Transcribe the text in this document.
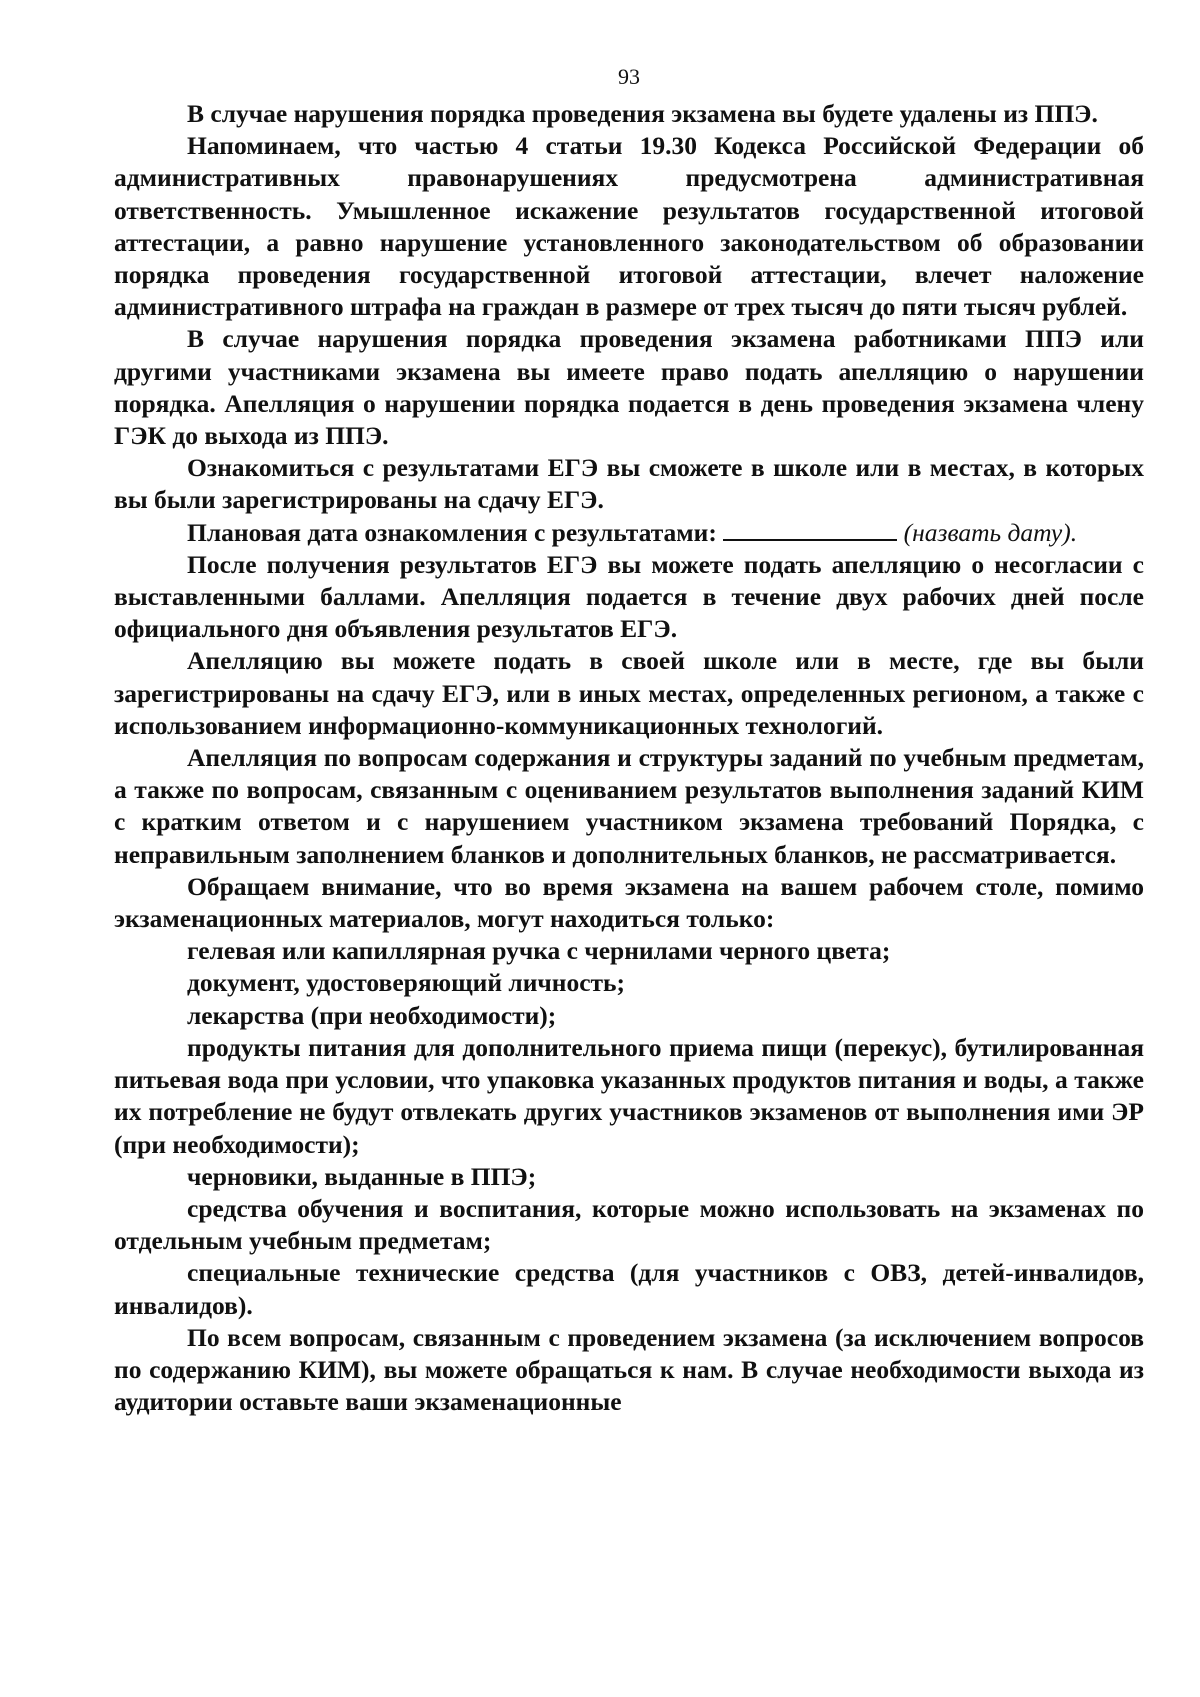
93

В случае нарушения порядка проведения экзамена вы будете удалены из ППЭ.

Напоминаем, что частью 4 статьи 19.30 Кодекса Российской Федерации об административных правонарушениях предусмотрена административная ответственность. Умышленное искажение результатов государственной итоговой аттестации, а равно нарушение установленного законодательством об образовании порядка проведения государственной итоговой аттестации, влечет наложение административного штрафа на граждан в размере от трех тысяч до пяти тысяч рублей.

В случае нарушения порядка проведения экзамена работниками ППЭ или другими участниками экзамена вы имеете право подать апелляцию о нарушении порядка. Апелляция о нарушении порядка подается в день проведения экзамена члену ГЭК до выхода из ППЭ.

Ознакомиться с результатами ЕГЭ вы сможете в школе или в местах, в которых вы были зарегистрированы на сдачу ЕГЭ.

Плановая дата ознакомления с результатами:	(назвать дату).

После получения результатов ЕГЭ вы можете подать апелляцию о несогласии с выставленными баллами. Апелляция подается в течение двух рабочих дней после официального дня объявления результатов ЕГЭ.

Апелляцию вы можете подать в своей школе или в месте, где вы были зарегистрированы на сдачу ЕГЭ, или в иных местах, определенных регионом, а также с использованием информационно-коммуникационных технологий.

Апелляция по вопросам содержания и структуры заданий по учебным предметам, а также по вопросам, связанным с оцениванием результатов выполнения заданий КИМ с кратким ответом и с нарушением участником экзамена требований Порядка, с неправильным заполнением бланков и дополнительных бланков, не рассматривается.

Обращаем внимание, что во время экзамена на вашем рабочем столе, помимо экзаменационных материалов, могут находиться только:

гелевая или капиллярная ручка с чернилами черного цвета;

документ, удостоверяющий личность;

лекарства (при необходимости);

продукты питания для дополнительного приема пищи (перекус), бутилированная питьевая вода при условии, что упаковка указанных продуктов питания и воды, а также их потребление не будут отвлекать других участников экзаменов от выполнения ими ЭР (при необходимости);

черновики, выданные в ППЭ;

средства обучения и воспитания, которые можно использовать на экзаменах по отдельным учебным предметам;

специальные технические средства (для участников с ОВЗ, детей-инвалидов, инвалидов).

По всем вопросам, связанным с проведением экзамена (за исключением вопросов по содержанию КИМ), вы можете обращаться к нам. В случае необходимости выхода из аудитории оставьте ваши экзаменационные
